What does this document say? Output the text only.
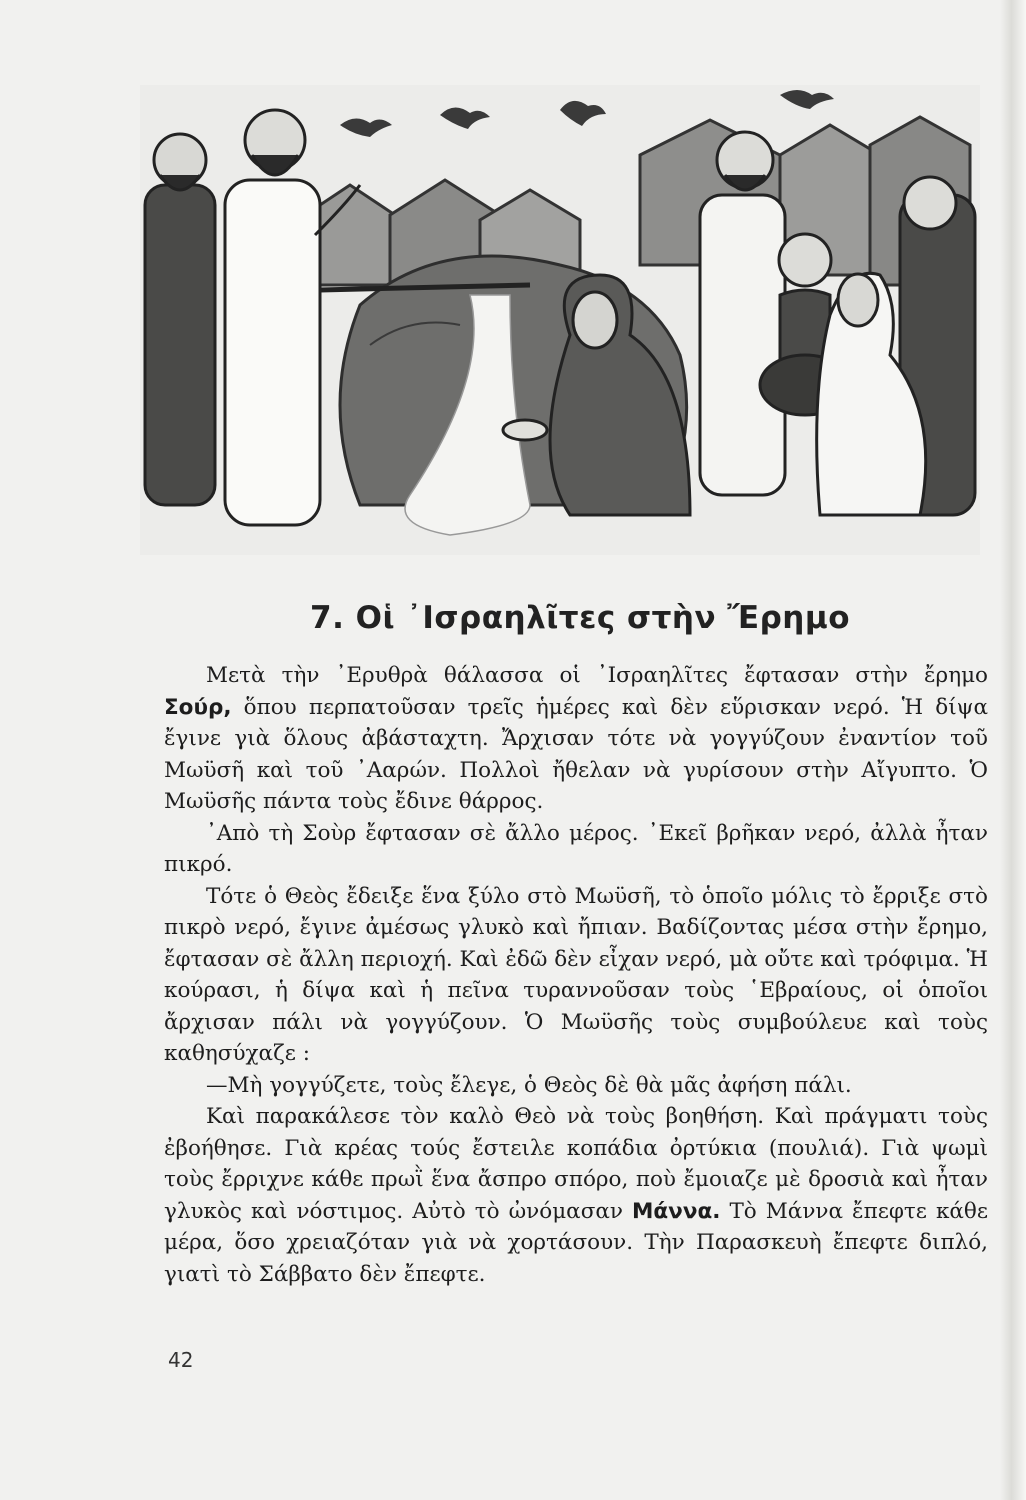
7. Οἱ ᾿Ισραηλῖτες στὴν Ἔρημο

Μετὰ τὴν ᾿Ερυθρὰ θάλασσα οἱ ᾿Ισραηλῖτες ἔφτασαν στὴν ἔρημο Σούρ, ὅπου περπατοῦσαν τρεῖς ἡμέρες καὶ δὲν εὕρισκαν νερό. Ἡ δίψα ἔγινε γιὰ ὅλους ἀβάσταχτη. Ἄρχισαν τότε νὰ γογγύζουν ἐναντίον τοῦ Μωϋσῆ καὶ τοῦ ᾿Ααρών. Πολλοὶ ἤθελαν νὰ γυρίσουν στὴν Αἴγυπτο. Ὁ Μωϋσῆς πάντα τοὺς ἔδινε θάρρος.

᾿Απὸ τὴ Σοὺρ ἔφτασαν σὲ ἄλλο μέρος. ᾿Εκεῖ βρῆκαν νερό, ἀλλὰ ἦταν πικρό.

Τότε ὁ Θεὸς ἔδειξε ἕνα ξύλο στὸ Μωϋσῆ, τὸ ὁποῖο μόλις τὸ ἔρριξε στὸ πικρὸ νερό, ἔγινε ἀμέσως γλυκὸ καὶ ἤπιαν. Βαδίζοντας μέσα στὴν ἔρημο, ἔφτασαν σὲ ἄλλη περιοχή. Καὶ ἐδῶ δὲν εἶχαν νερό, μὰ οὔτε καὶ τρόφιμα. Ἡ κούρασι, ἡ δίψα καὶ ἡ πεῖνα τυραννοῦσαν τοὺς ῾Εβραίους, οἱ ὁποῖοι ἄρχισαν πάλι νὰ γογγύζουν. Ὁ Μωϋσῆς τοὺς συμβούλευε καὶ τοὺς καθησύχαζε :

—Μὴ γογγύζετε, τοὺς ἔλεγε, ὁ Θεὸς δὲ θὰ μᾶς ἀφήση πάλι.

Καὶ παρακάλεσε τὸν καλὸ Θεὸ νὰ τοὺς βοηθήση. Καὶ πράγματι τοὺς ἐβοήθησε. Γιὰ κρέας τούς ἔστειλε κοπάδια ὀρτύκια (πουλιά). Γιὰ ψωμὶ τοὺς ἔρριχνε κάθε πρωῒ ἕνα ἄσπρο σπόρο, ποὺ ἔμοιαζε μὲ δροσιὰ καὶ ἦταν γλυκὸς καὶ νόστιμος. Αὐτὸ τὸ ὠνόμασαν Μάννα. Τὸ Μάννα ἔπεφτε κάθε μέρα, ὅσο χρειαζόταν γιὰ νὰ χορτάσουν. Τὴν Παρασκευὴ ἔπεφτε διπλό, γιατὶ τὸ Σάββατο δὲν ἔπεφτε.

42
